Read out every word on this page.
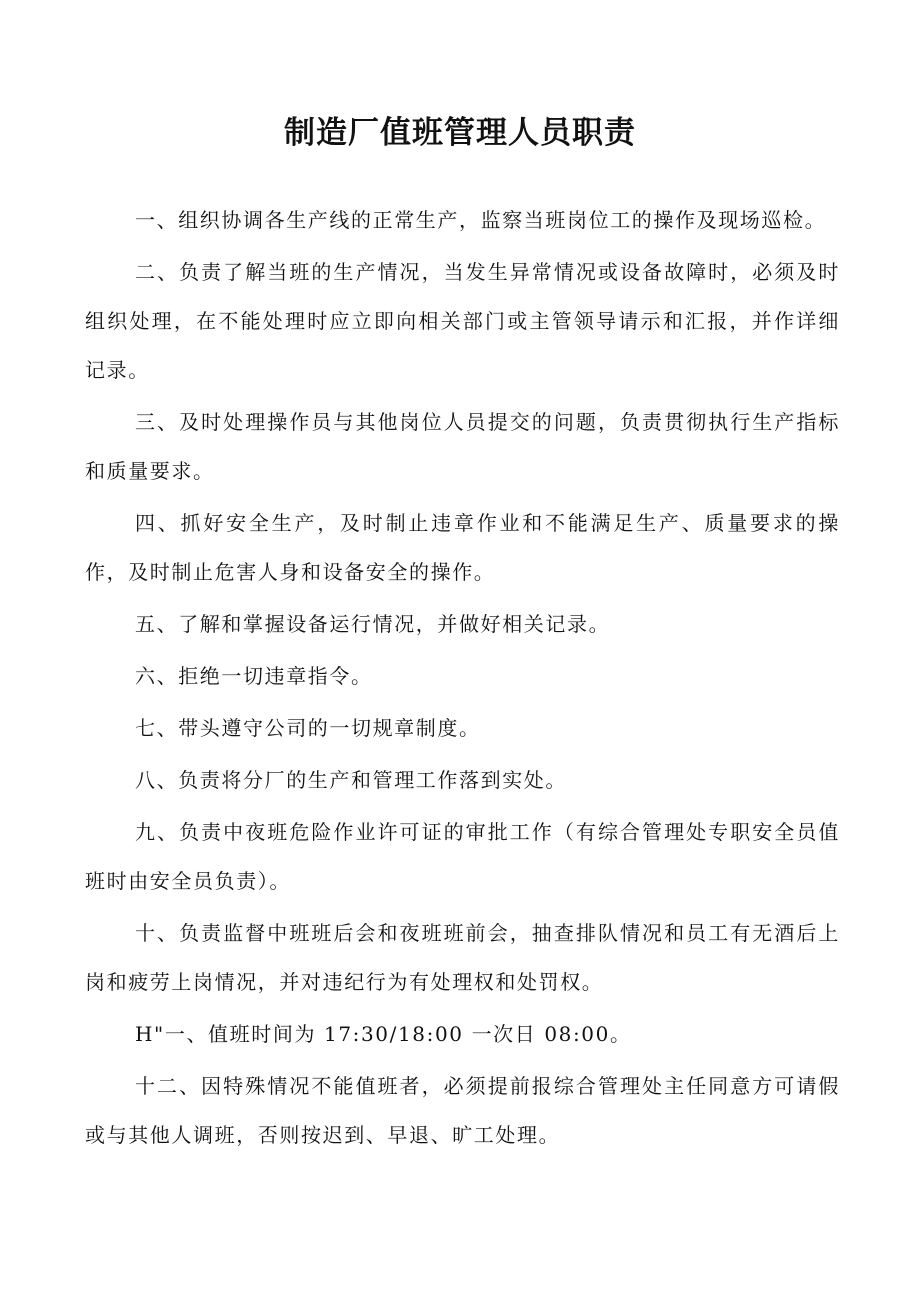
制造厂值班管理人员职责

一、组织协调各生产线的正常生产，监察当班岗位工的操作及现场巡检。

二、负责了解当班的生产情况，当发生异常情况或设备故障时，必须及时组织处理，在不能处理时应立即向相关部门或主管领导请示和汇报，并作详细记录。

三、及时处理操作员与其他岗位人员提交的问题，负责贯彻执行生产指标和质量要求。

四、抓好安全生产，及时制止违章作业和不能满足生产、质量要求的操作，及时制止危害人身和设备安全的操作。

五、了解和掌握设备运行情况，并做好相关记录。

六、拒绝一切违章指令。

七、带头遵守公司的一切规章制度。

八、负责将分厂的生产和管理工作落到实处。

九、负责中夜班危险作业许可证的审批工作（有综合管理处专职安全员值班时由安全员负责）。

十、负责监督中班班后会和夜班班前会，抽查排队情况和员工有无酒后上岗和疲劳上岗情况，并对违纪行为有处理权和处罚权。

H"一、值班时间为 17:30/18:00 一次日 08:00。

十二、因特殊情况不能值班者，必须提前报综合管理处主任同意方可请假或与其他人调班，否则按迟到、早退、旷工处理。
